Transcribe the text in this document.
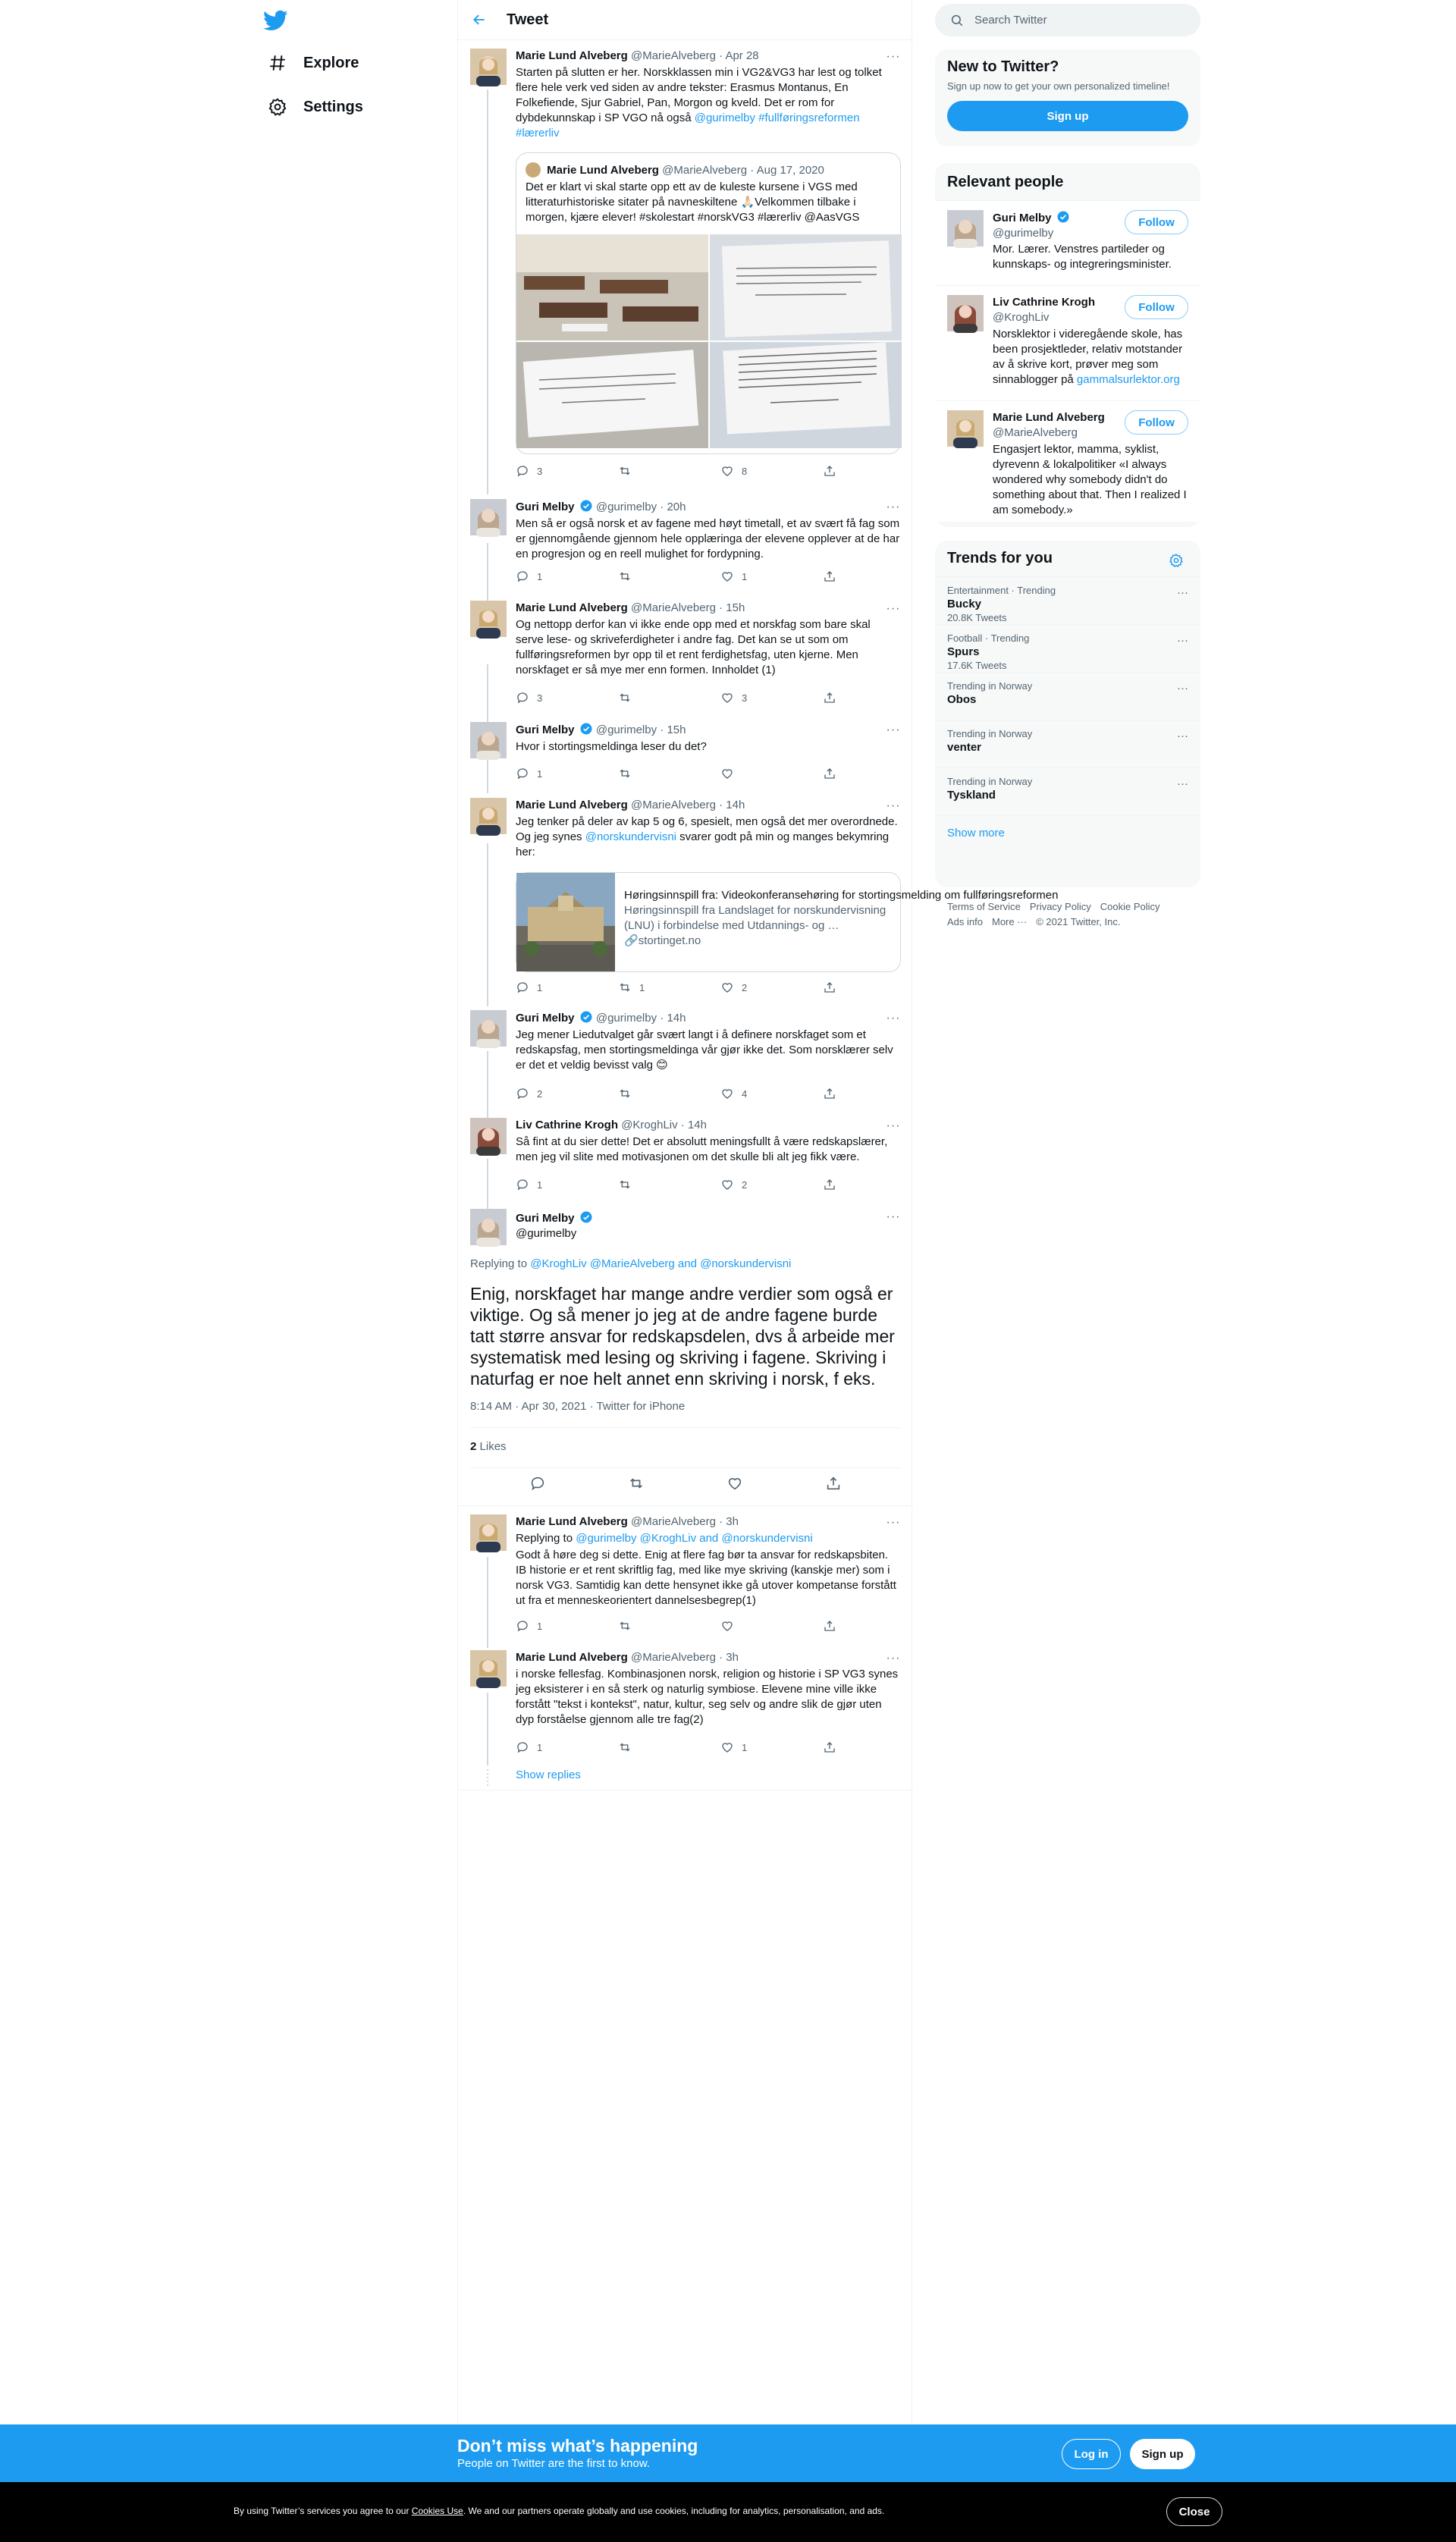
Explore
Settings
Tweet
···
Marie Lund Alveberg @MarieAlveberg · Apr 28
Starten på slutten er her. Norskklassen min i VG2&VG3 har lest og tolket flere hele verk ved siden av andre tekster: Erasmus Montanus, En Folkefiende, Sjur Gabriel, Pan, Morgon og kveld. Det er rom for dybdekunnskap i SP VGO nå også @gurimelby #fullføringsreformen #lærerliv
Marie Lund Alveberg @MarieAlveberg · Aug 17, 2020
Det er klart vi skal starte opp ett av de kuleste kursene i VGS med litteraturhistoriske sitater på navneskiltene 🙏🏻Velkommen tilbake i morgen, kjære elever! #skolestart #norskVG3 #lærerliv @AasVGS
3	8
···
Guri Melby @gurimelby · 20h
Men så er også norsk et av fagene med høyt timetall, et av svært få fag som er gjennomgående gjennom hele opplæringa der elevene opplever at de har en progresjon og en reell mulighet for fordypning.
1	1
···
Marie Lund Alveberg @MarieAlveberg · 15h
Og nettopp derfor kan vi ikke ende opp med et norskfag som bare skal serve lese- og skriveferdigheter i andre fag. Det kan se ut som om fullføringsreformen byr opp til et rent ferdighetsfag, uten kjerne. Men norskfaget er så mye mer enn formen. Innholdet (1)
3	3
···
Guri Melby @gurimelby · 15h
Hvor i stortingsmeldinga leser du det?
1
···
Marie Lund Alveberg @MarieAlveberg · 14h
Jeg tenker på deler av kap 5 og 6, spesielt, men også det mer overordnede. Og jeg synes @norskundervisni svarer godt på min og manges bekymring her:
Høringsinnspill fra: Videokonferansehøring for stortingsmelding om fullføringsreformen
Høringsinnspill fra Landslaget for norskundervisning (LNU) i forbindelse med Utdannings- og …
🔗stortinget.no
1	1	2
···
Guri Melby @gurimelby · 14h
Jeg mener Liedutvalget går svært langt i å definere norskfaget som et redskapsfag, men stortingsmeldinga vår gjør ikke det. Som norsklærer selv er det et veldig bevisst valg 😊
2	4
···
Liv Cathrine Krogh @KroghLiv · 14h
Så fint at du sier dette! Det er absolutt meningsfullt å være redskapslærer, men jeg vil slite med motivasjonen om det skulle bli alt jeg fikk være.
1	2
···
Guri Melby
@gurimelby
Replying to @KroghLiv @MarieAlveberg and @norskundervisni
Enig, norskfaget har mange andre verdier som også er viktige. Og så mener jo jeg at de andre fagene burde tatt større ansvar for redskapsdelen, dvs å arbeide mer systematisk med lesing og skriving i fagene. Skriving i naturfag er noe helt annet enn skriving i norsk, f eks.
8:14 AM · Apr 30, 2021 · Twitter for iPhone
2 Likes
···
Marie Lund Alveberg @MarieAlveberg · 3h
Replying to @gurimelby @KroghLiv and @norskundervisni
Godt å høre deg si dette. Enig at flere fag bør ta ansvar for redskapsbiten. IB historie er et rent skriftlig fag, med like mye skriving (kanskje mer) som i norsk VG3. Samtidig kan dette hensynet ikke gå utover kompetanse forstått ut fra et menneskeorientert dannelsesbegrep(1)
1
···
Marie Lund Alveberg @MarieAlveberg · 3h
i norske fellesfag. Kombinasjonen norsk, religion og historie i SP VG3 synes jeg eksisterer i en så sterk og naturlig symbiose. Elevene mine ville ikke forstått "tekst i kontekst", natur, kultur, seg selv og andre slik de gjør uten dyp forståelse gjennom alle tre fag(2)
1	1
Show replies
Search Twitter
New to Twitter?
Sign up now to get your own personalized timeline!
Sign up
Relevant people
Guri Melby
@gurimelby
Follow
Mor. Lærer. Venstres partileder og kunnskaps- og integreringsminister.
Liv Cathrine Krogh
@KroghLiv
Follow
Norsklektor i videregående skole, has been prosjektleder, relativ motstander av å skrive kort, prøver meg som sinnablogger på gammalsurlektor.org
Marie Lund Alveberg
@MarieAlveberg
Follow
Engasjert lektor, mamma, syklist, dyrevenn & lokalpolitiker «I always wondered why somebody didn't do something about that. Then I realized I am somebody.»
Trends for you
Entertainment · Trending
Bucky
20.8K Tweets
···
Football · Trending
Spurs
17.6K Tweets
···
Trending in Norway
Obos
···
Trending in Norway
venter
···
Trending in Norway
Tyskland
···
Show more
Terms of Service Privacy Policy Cookie Policy
Ads info More ··· © 2021 Twitter, Inc.
Don’t miss what’s happening
People on Twitter are the first to know.
Log in	Sign up
By using Twitter’s services you agree to our Cookies Use. We and our partners operate globally and use cookies, including for analytics, personalisation, and ads.	Close
